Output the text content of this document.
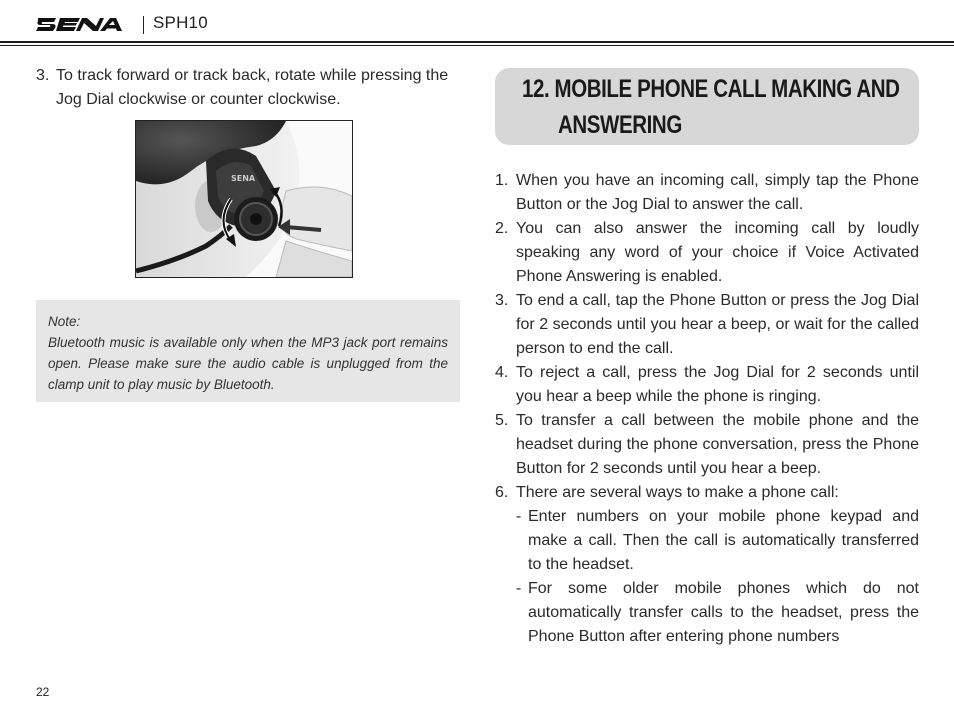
SPH10
3. To track forward or track back, rotate while pressing the Jog Dial clockwise or counter clockwise.
SENA
Note:
Bluetooth music is available only when the MP3 jack port remains open. Please make sure the audio cable is unplugged from the clamp unit to play music by Bluetooth.
12. MOBILE PHONE CALL MAKING AND
ANSWERING
1. When you have an incoming call, simply tap the Phone Button or the Jog Dial to answer the call.
2. You can also answer the incoming call by loudly speaking any word of your choice if Voice Activated Phone Answering is enabled.
3. To end a call, tap the Phone Button or press the Jog Dial for 2 seconds until you hear a beep, or wait for the called person to end the call.
4. To reject a call, press the Jog Dial for 2 seconds until you hear a beep while the phone is ringing.
5. To transfer a call between the mobile phone and the headset during the phone conversation, press the Phone Button for 2 seconds until you hear a beep.
6. There are several ways to make a phone call:
- Enter numbers on your mobile phone keypad and make a call. Then the call is automatically transferred to the headset.
- For some older mobile phones which do not automatically transfer calls to the headset, press the Phone Button after entering phone numbers
22
